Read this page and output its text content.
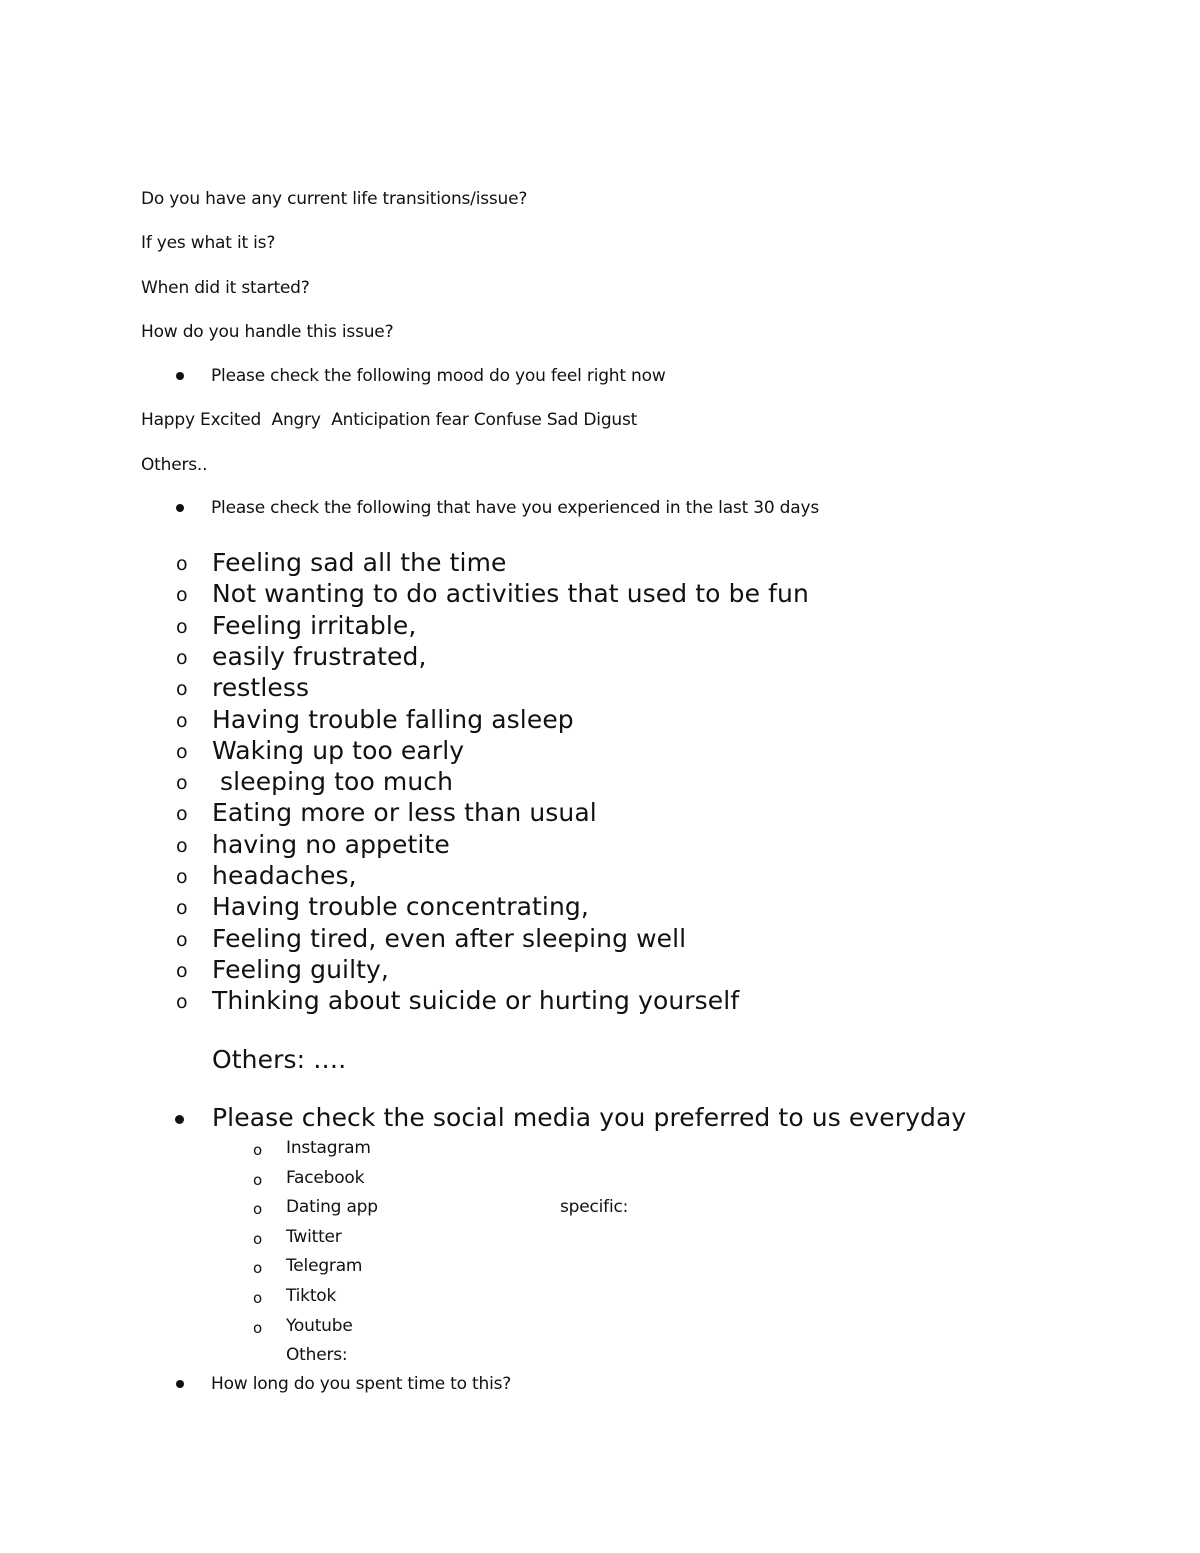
Do you have any current life transitions/issue?
If yes what it is?
When did it started?
How do you handle this issue?
Please check the following mood do you feel right now
Happy Excited  Angry  Anticipation fear Confuse Sad Digust
Others..
Please check the following that have you experienced in the last 30 days
o Feeling sad all the time
o Not wanting to do activities that used to be fun
o Feeling irritable,
o easily frustrated,
o restless
o Having trouble falling asleep
o Waking up too early
o sleeping too much
o Eating more or less than usual
o having no appetite
o headaches,
o Having trouble concentrating,
o Feeling tired, even after sleeping well
o Feeling guilty,
o Thinking about suicide or hurting yourself
Others: ….
Please check the social media you preferred to us everyday
o Instagram
o Facebook
o Dating app
o Twitter
o Telegram
o Tiktok
o Youtube
specific:
Others:
How long do you spent time to this?
